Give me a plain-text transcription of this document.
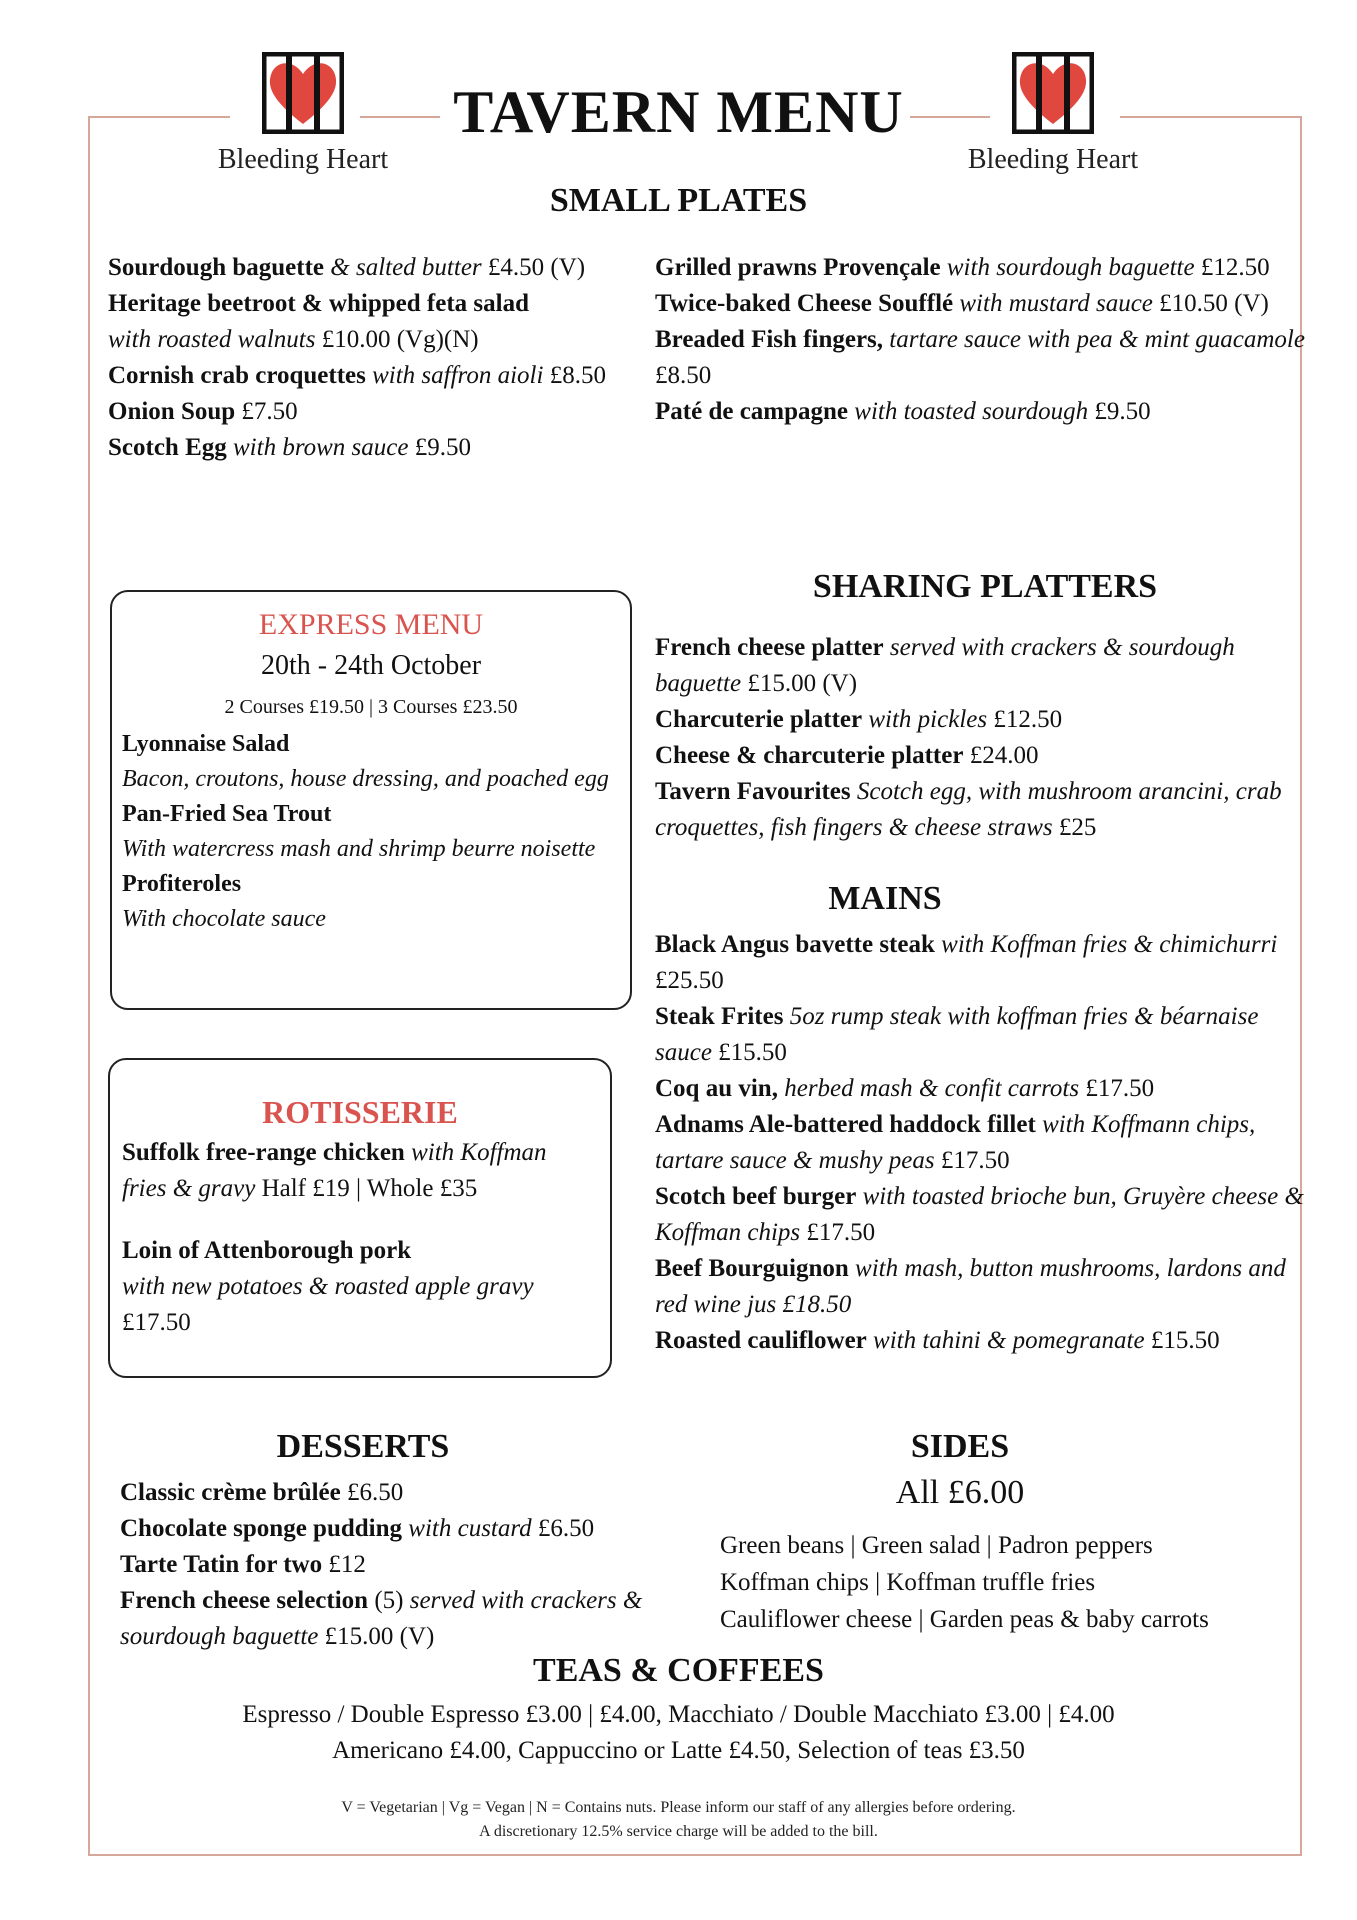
Bleeding Heart	Bleeding Heart
TAVERN MENU
SMALL PLATES

Sourdough baguette & salted butter £4.50 (V)

Heritage beetroot & whipped feta salad
with roasted walnuts £10.00 (Vg)(N)

Cornish crab croquettes with saffron aioli £8.50

Onion Soup £7.50

Scotch Egg with brown sauce £9.50

Grilled prawns Provençale with sourdough baguette £12.50

Twice-baked Cheese Soufflé with mustard sauce £10.50 (V)

Breaded Fish fingers, tartare sauce with pea & mint guacamole £8.50

Paté de campagne with toasted sourdough £9.50

EXPRESS MENU
20th - 24th October
2 Courses £19.50 | 3 Courses £23.50

Lyonnaise Salad
Bacon, croutons, house dressing, and poached egg

Pan-Fried Sea Trout
With watercress mash and shrimp beurre noisette

Profiteroles
With chocolate sauce

ROTISSERIE

Suffolk free-range chicken with Koffman fries & gravy Half £19 | Whole £35

Loin of Attenborough pork
with new potatoes & roasted apple gravy
£17.50

SHARING PLATTERS

French cheese platter served with crackers & sourdough baguette £15.00 (V)

Charcuterie platter with pickles £12.50

Cheese & charcuterie platter £24.00

Tavern Favourites Scotch egg, with mushroom arancini, crab croquettes, fish fingers & cheese straws £25

MAINS

Black Angus bavette steak with Koffman fries & chimichurri £25.50

Steak Frites 5oz rump steak with koffman fries & béarnaise sauce £15.50

Coq au vin, herbed mash & confit carrots £17.50

Adnams Ale-battered haddock fillet with Koffmann chips, tartare sauce & mushy peas £17.50

Scotch beef burger with toasted brioche bun, Gruyère cheese & Koffman chips £17.50

Beef Bourguignon with mash, button mushrooms, lardons and red wine jus £18.50

Roasted cauliflower with tahini & pomegranate £15.50

DESSERTS

Classic crème brûlée £6.50

Chocolate sponge pudding with custard £6.50

Tarte Tatin for two £12

French cheese selection (5) served with crackers & sourdough baguette £15.00 (V)

SIDES
All £6.00

Green beans | Green salad | Padron peppers

Koffman chips | Koffman truffle fries

Cauliflower cheese | Garden peas & baby carrots

TEAS & COFFEES

Espresso / Double Espresso £3.00 | £4.00, Macchiato / Double Macchiato £3.00 | £4.00

Americano £4.00, Cappuccino or Latte £4.50, Selection of teas £3.50

V = Vegetarian | Vg = Vegan | N = Contains nuts. Please inform our staff of any allergies before ordering.
A discretionary 12.5% service charge will be added to the bill.
